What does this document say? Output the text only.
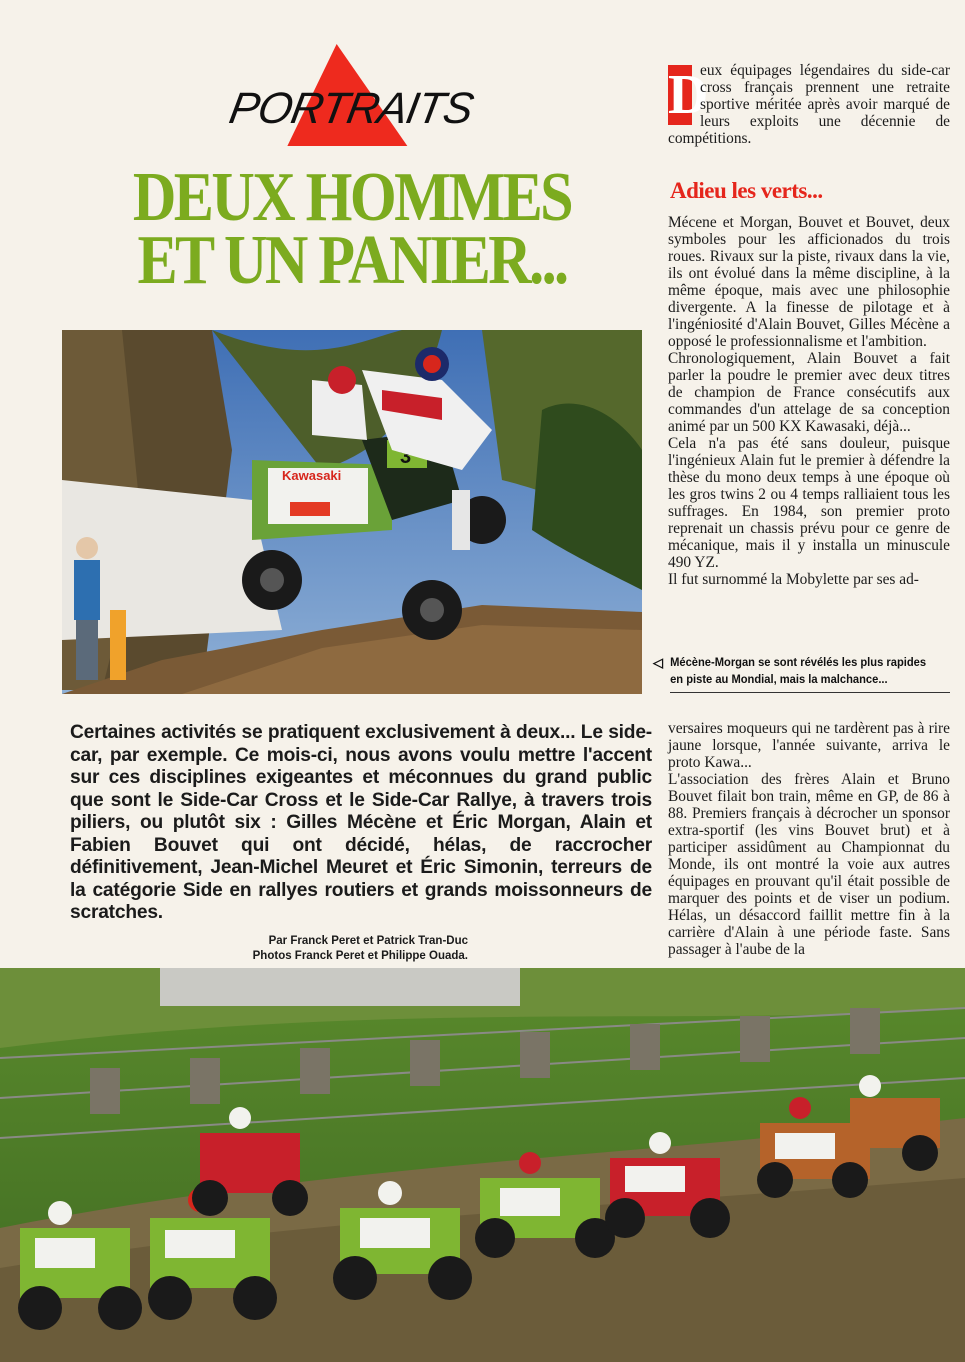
PORTRAITS
DEUX HOMMES
ET UN PANIER...
Kawasaki
3
D
eux équipages légendaires du side-car cross français prennent une retraite sportive méritée après avoir marqué de leurs exploits une décennie de compétitions.
Adieu les verts...

Mécene et Morgan, Bouvet et Bouvet, deux symboles pour les afficionados du trois roues. Rivaux sur la piste, rivaux dans la vie, ils ont évolué dans la même discipline, à la même époque, mais avec une philosophie divergente. A la finesse de pilotage et à l'ingéniosité d'Alain Bouvet, Gilles Mécène a opposé le professionnalisme et l'ambition.

Chronologiquement, Alain Bouvet a fait parler la poudre le premier avec deux titres de champion de France consécutifs aux commandes d'un attelage de sa conception animé par un 500 KX Kawasaki, déjà...

Cela n'a pas été sans douleur, puisque l'ingénieux Alain fut le premier à défendre la thèse du mono deux temps à une époque où les gros twins 2 ou 4 temps ralliaient tous les suffrages. En 1984, son premier proto reprenait un chassis prévu pour ce genre de mécanique, mais il y installa un minuscule 490 YZ.

Il fut surnommé la Mobylette par ses ad-

◁ Mécène-Morgan se sont révélés les plus rapides
en piste au Mondial, mais la malchance...

versaires moqueurs qui ne tardèrent pas à rire jaune lorsque, l'année suivante, arriva le proto Kawa...

L'association des frères Alain et Bruno Bouvet filait bon train, même en GP, de 86 à 88. Premiers français à décrocher un sponsor extra-sportif (les vins Bouvet brut) et à participer assidûment au Championnat du Monde, ils ont montré la voie aux autres équipages en prouvant qu'il était possible de marquer des points et de viser un podium. Hélas, un désaccord faillit mettre fin à la carrière d'Alain à une période faste. Sans passager à l'aube de la

Certaines activités se pratiquent exclusivement à deux... Le side-car, par exemple. Ce mois-ci, nous avons voulu mettre l'accent sur ces disciplines exigeantes et méconnues du grand public que sont le Side-Car Cross et le Side-Car Rallye, à travers trois piliers, ou plutôt six : Gilles Mécène et Éric Morgan, Alain et Fabien Bouvet qui ont décidé, hélas, de raccrocher définitivement, Jean-Michel Meuret et Éric Simonin, terreurs de la catégorie Side en rallyes routiers et grands moissonneurs de scratches.
Par Franck Peret et Patrick Tran-Duc
Photos Franck Peret et Philippe Ouada.
